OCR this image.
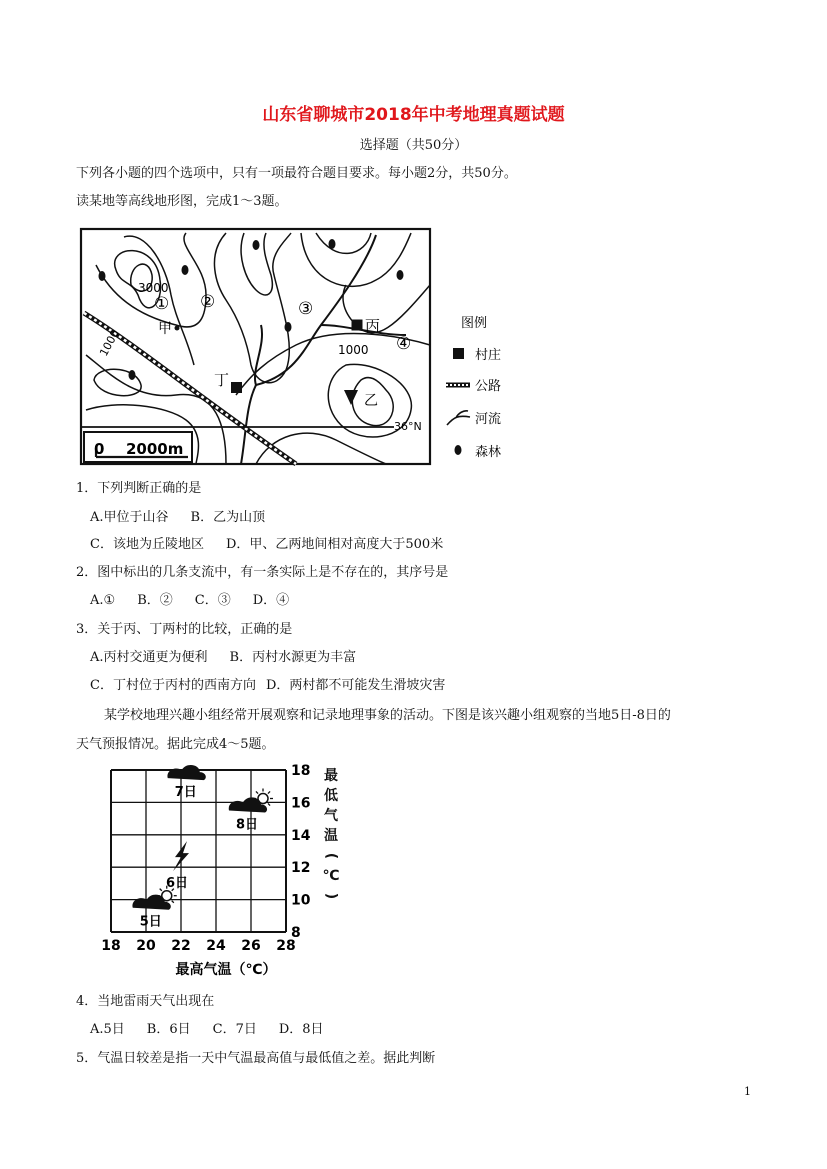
山东省聊城市2018年中考地理真题试题
选择题（共50分）
下列各小题的四个选项中，只有一项最符合题目要求。每小题2分，共50分。
读某地等高线地形图，完成1～3题。
36°N
3000
① ②	③
④
甲	丙
1000
1000
丁
乙
0 2000m
图例
村庄
公路
河流
森林
1．下列判断正确的是
A.甲位于山谷 B．乙为山顶
C．该地为丘陵地区 D．甲、乙两地间相对高度大于500米
2．图中标出的几条支流中，有一条实际上是不存在的，其序号是
A.① B．② C．③ D．④
3．关于丙、丁两村的比较，正确的是
A.丙村交通更为便利 B．丙村水源更为丰富
C．丁村位于丙村的西南方向 D．两村都不可能发生滑坡灾害
某学校地理兴趣小组经常开展观察和记录地理事象的活动。下图是该兴趣小组观察的当地5日-8日的
天气预报情况。据此完成4～5题。
18 20 22 24 26 28
18
16
14
12
10
8
5日
6日
7日
8日
最高气温（℃）
最
低
气
温
(
℃
)
4．当地雷雨天气出现在
A.5日 B．6日 C．7日 D．8日
5．气温日较差是指一天中气温最高值与最低值之差。据此判断
1
